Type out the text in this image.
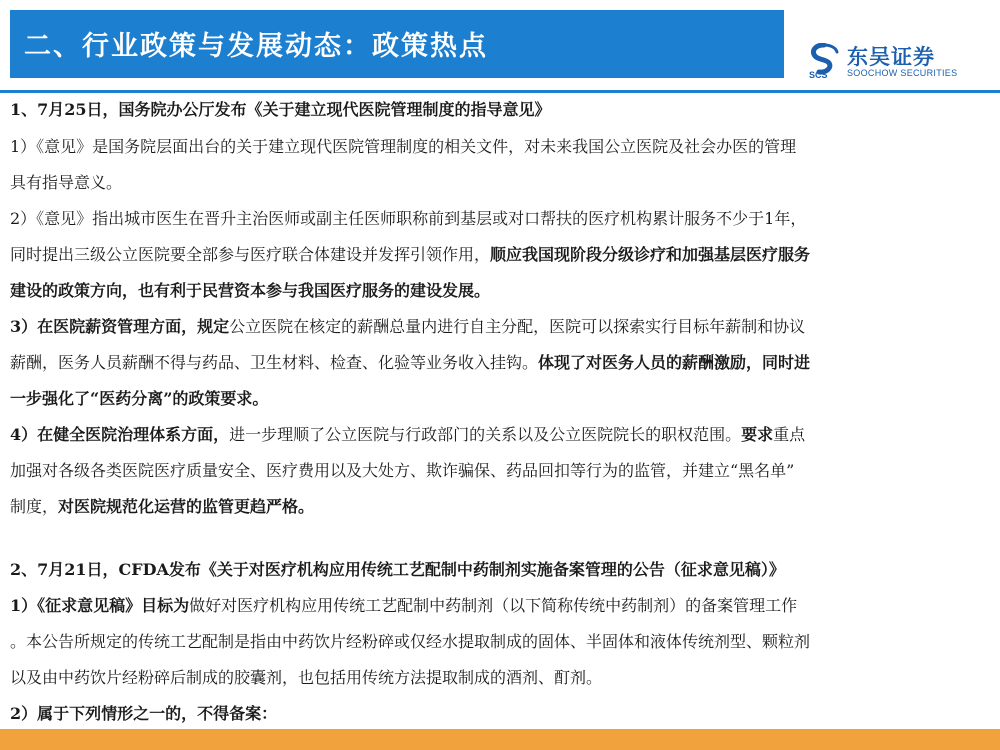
二、行业政策与发展动态：政策热点
SCS
东吴证券
SOOCHOW SECURITIES
1、7月25日，国务院办公厅发布《关于建立现代医院管理制度的指导意见》
1）《意见》是国务院层面出台的关于建立现代医院管理制度的相关文件，对未来我国公立医院及社会办医的管理
具有指导意义。
2）《意见》指出城市医生在晋升主治医师或副主任医师职称前到基层或对口帮扶的医疗机构累计服务不少于1年，
同时提出三级公立医院要全部参与医疗联合体建设并发挥引领作用，顺应我国现阶段分级诊疗和加强基层医疗服务
建设的政策方向，也有利于民营资本参与我国医疗服务的建设发展。
3）在医院薪资管理方面，规定公立医院在核定的薪酬总量内进行自主分配，医院可以探索实行目标年薪制和协议
薪酬，医务人员薪酬不得与药品、卫生材料、检查、化验等业务收入挂钩。体现了对医务人员的薪酬激励，同时进
一步强化了“医药分离”的政策要求。
4）在健全医院治理体系方面，进一步理顺了公立医院与行政部门的关系以及公立医院院长的职权范围。要求重点
加强对各级各类医院医疗质量安全、医疗费用以及大处方、欺诈骗保、药品回扣等行为的监管，并建立“黑名单”
制度，对医院规范化运营的监管更趋严格。
2、7月21日，CFDA发布《关于对医疗机构应用传统工艺配制中药制剂实施备案管理的公告（征求意见稿）》
1）《征求意见稿》目标为做好对医疗机构应用传统工艺配制中药制剂（以下简称传统中药制剂）的备案管理工作
。本公告所规定的传统工艺配制是指由中药饮片经粉碎或仅经水提取制成的固体、半固体和液体传统剂型、颗粒剂
以及由中药饮片经粉碎后制成的胶囊剂，也包括用传统方法提取制成的酒剂、酊剂。
2）属于下列情形之一的，不得备案：
